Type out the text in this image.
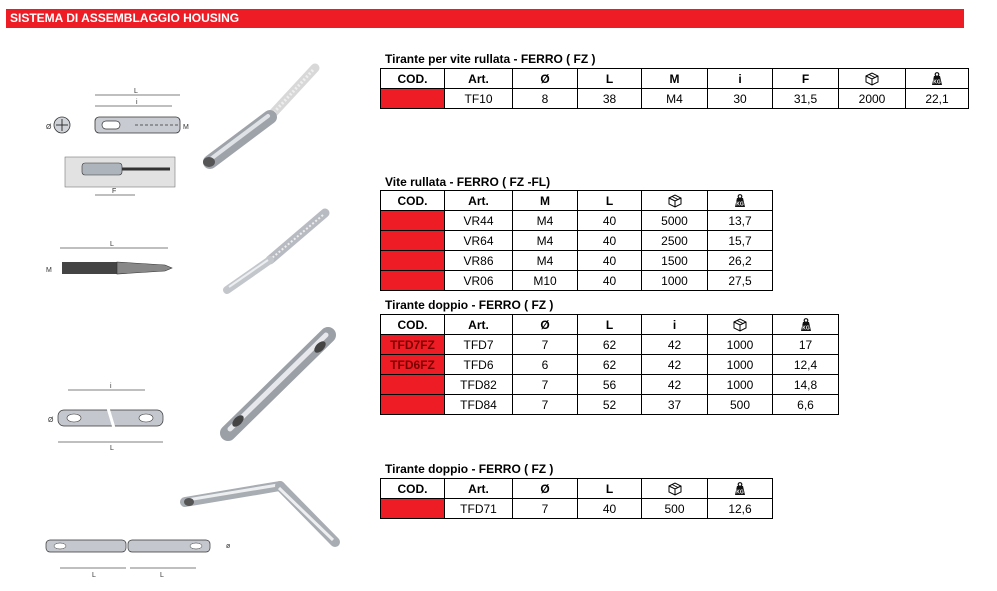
SISTEMA DI ASSEMBLAGGIO HOUSING
L
i
M
Ø
F
L
M
i
Ø
L
ø
L	L
Tirante per vite rullata - FERRO ( FZ )
Vite rullata - FERRO ( FZ -FL)
Tirante doppio - FERRO ( FZ )
Tirante doppio - FERRO ( FZ )
COD.	Art.	Ø	L	M	i	F		KG

	TF10	8	38	M4	30	31,5	2000	22,1
COD.	Art.	M	L		KG

	VR44	M4	40	5000	13,7
	VR64	M4	40	2500	15,7
	VR86	M4	40	1500	26,2
	VR06	M10	40	1000	27,5
COD.	Art.	Ø	L	i		KG

TFD7FZ	TFD7	7	62	42	1000	17
TFD6FZ	TFD6	6	62	42	1000	12,4
	TFD82	7	56	42	1000	14,8
	TFD84	7	52	37	500	6,6
COD.	Art.	Ø	L		KG

	TFD71	7	40	500	12,6
